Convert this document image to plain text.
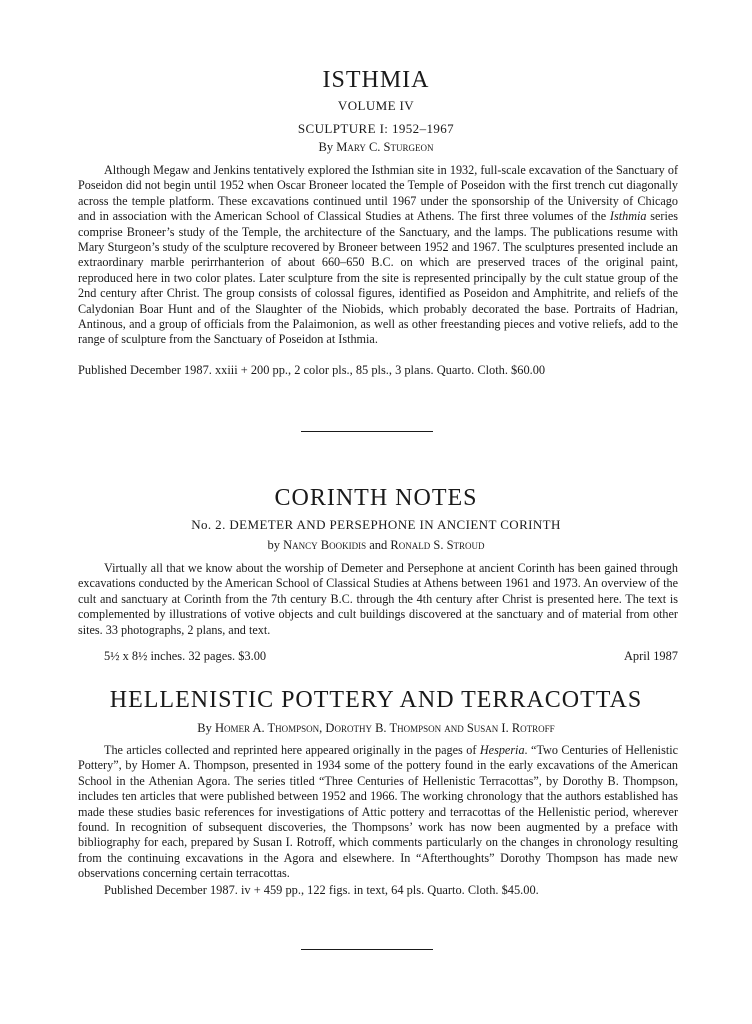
ISTHMIA
VOLUME IV
SCULPTURE I: 1952–1967
By Mary C. Sturgeon
Although Megaw and Jenkins tentatively explored the Isthmian site in 1932, full-scale excavation of the Sanctuary of Poseidon did not begin until 1952 when Oscar Broneer located the Temple of Poseidon with the first trench cut diagonally across the temple platform. These excavations continued until 1967 under the sponsorship of the University of Chicago and in association with the American School of Classical Studies at Athens. The first three volumes of the Isthmia series comprise Broneer’s study of the Temple, the architecture of the Sanctuary, and the lamps. The publications resume with Mary Sturgeon’s study of the sculpture recovered by Broneer between 1952 and 1967. The sculptures presented include an extraordinary marble perirrhanterion of about 660–650 B.C. on which are preserved traces of the original paint, reproduced here in two color plates. Later sculpture from the site is represented principally by the cult statue group of the 2nd century after Christ. The group consists of colossal figures, identified as Poseidon and Amphitrite, and reliefs of the Calydonian Boar Hunt and of the Slaughter of the Niobids, which probably decorated the base. Portraits of Hadrian, Antinous, and a group of officials from the Palaimonion, as well as other freestanding pieces and votive reliefs, add to the range of sculpture from the Sanctuary of Poseidon at Isthmia.
Published December 1987. xxiii + 200 pp., 2 color pls., 85 pls., 3 plans. Quarto. Cloth. $60.00
CORINTH NOTES
No. 2. DEMETER AND PERSEPHONE IN ANCIENT CORINTH
by Nancy Bookidis and Ronald S. Stroud
Virtually all that we know about the worship of Demeter and Persephone at ancient Corinth has been gained through excavations conducted by the American School of Classical Studies at Athens between 1961 and 1973. An overview of the cult and sanctuary at Corinth from the 7th century B.C. through the 4th century after Christ is presented here. The text is complemented by illustrations of votive objects and cult buildings discovered at the sanctuary and of material from other sites. 33 photographs, 2 plans, and text.
5½ x 8½ inches. 32 pages. $3.00	April 1987
HELLENISTIC POTTERY AND TERRACOTTAS
By Homer A. Thompson, Dorothy B. Thompson and Susan I. Rotroff
The articles collected and reprinted here appeared originally in the pages of Hesperia. “Two Centuries of Hellenistic Pottery”, by Homer A. Thompson, presented in 1934 some of the pottery found in the early excavations of the American School in the Athenian Agora. The series titled “Three Centuries of Hellenistic Terracottas”, by Dorothy B. Thompson, includes ten articles that were published between 1952 and 1966. The working chronology that the authors established has made these studies basic references for investigations of Attic pottery and terracottas of the Hellenistic period, wherever found. In recognition of subsequent discoveries, the Thompsons’ work has now been augmented by a preface with bibliography for each, prepared by Susan I. Rotroff, which comments particularly on the changes in chronology resulting from the continuing excavations in the Agora and elsewhere. In “Afterthoughts” Dorothy Thompson has made new observations concerning certain terracottas.
Published December 1987. iv + 459 pp., 122 figs. in text, 64 pls. Quarto. Cloth. $45.00.
